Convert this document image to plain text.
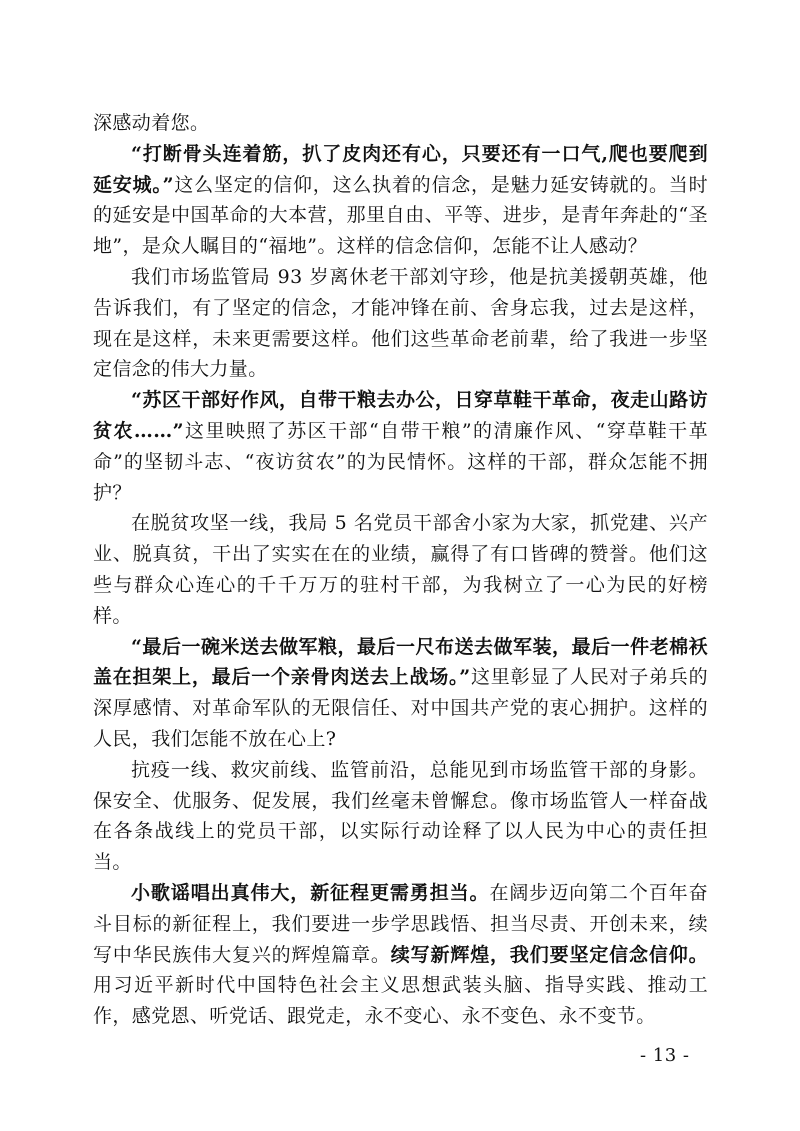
深感动着您。

“打断骨头连着筋，扒了皮肉还有心，只要还有一口气,爬也要爬到延安城。”这么坚定的信仰，这么执着的信念，是魅力延安铸就的。当时的延安是中国革命的大本营，那里自由、平等、进步，是青年奔赴的“圣地”，是众人瞩目的“福地”。这样的信念信仰，怎能不让人感动？

我们市场监管局 93 岁离休老干部刘守珍，他是抗美援朝英雄，他告诉我们，有了坚定的信念，才能冲锋在前、舍身忘我，过去是这样，现在是这样，未来更需要这样。他们这些革命老前辈，给了我进一步坚定信念的伟大力量。

“苏区干部好作风，自带干粮去办公，日穿草鞋干革命，夜走山路访贫农……”这里映照了苏区干部“自带干粮”的清廉作风、“穿草鞋干革命”的坚韧斗志、“夜访贫农”的为民情怀。这样的干部，群众怎能不拥护？

在脱贫攻坚一线，我局 5 名党员干部舍小家为大家，抓党建、兴产业、脱真贫，干出了实实在在的业绩，赢得了有口皆碑的赞誉。他们这些与群众心连心的千千万万的驻村干部，为我树立了一心为民的好榜样。

“最后一碗米送去做军粮，最后一尺布送去做军装，最后一件老棉袄盖在担架上，最后一个亲骨肉送去上战场。”这里彰显了人民对子弟兵的深厚感情、对革命军队的无限信任、对中国共产党的衷心拥护。这样的人民，我们怎能不放在心上?

抗疫一线、救灾前线、监管前沿，总能见到市场监管干部的身影。保安全、优服务、促发展，我们丝毫未曾懈怠。像市场监管人一样奋战在各条战线上的党员干部，以实际行动诠释了以人民为中心的责任担当。

小歌谣唱出真伟大，新征程更需勇担当。在阔步迈向第二个百年奋斗目标的新征程上，我们要进一步学思践悟、担当尽责、开创未来，续写中华民族伟大复兴的辉煌篇章。续写新辉煌，我们要坚定信念信仰。用习近平新时代中国特色社会主义思想武装头脑、指导实践、推动工作，感党恩、听党话、跟党走，永不变心、永不变色、永不变节。

- 13 -
